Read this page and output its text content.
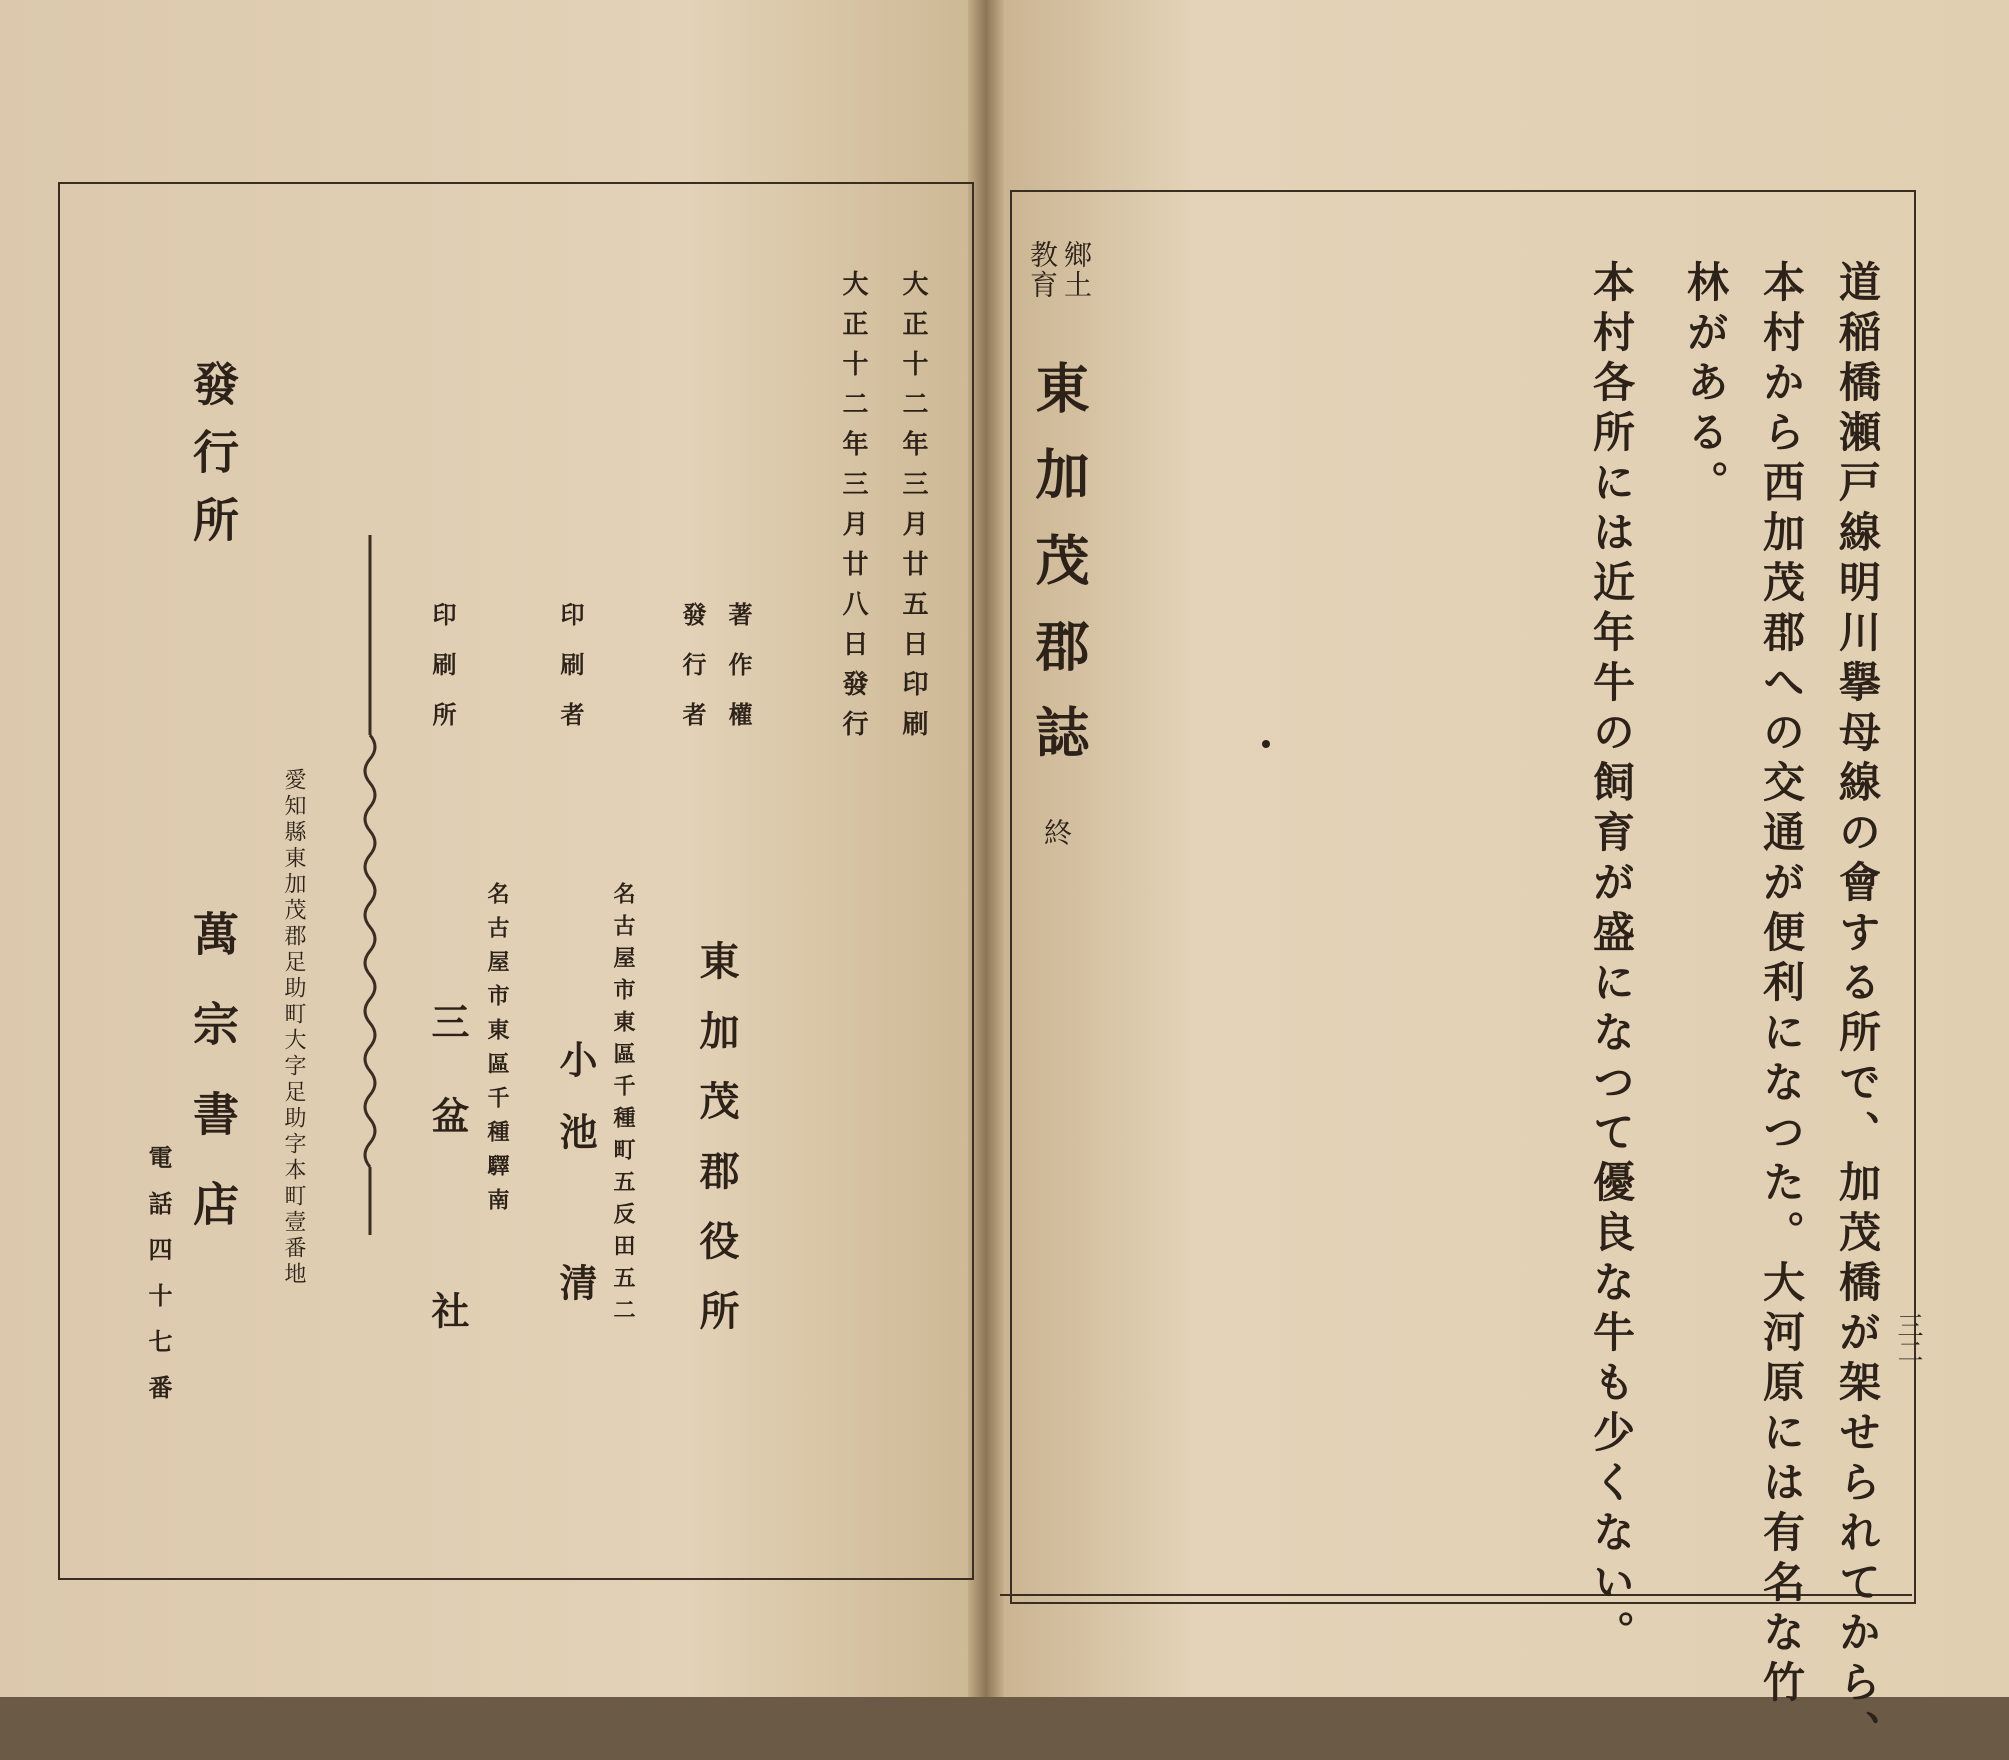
發行所
萬宗書店 愛知縣東加茂郡足助町大字足助字本町壹番地
電話四十七番
大正十二年三月廿五日印刷
大正十二年三月廿八日發行
著作權
發行者
東加茂郡役所
印刷者
名古屋市東區千種町五反田五二
小池 清
印刷所
名古屋市東區千種驛南
三盆 社
鄉土
教育
東加茂郡誌
終	道稲橋瀬戸線明川擧母線の會する所で、加茂橋が架せられてから、
本村から西加茂郡への交通が便利になつた。大河原には有名な竹
林がある。
本村各所には近年牛の飼育が盛になつて優良な牛も少くない。	三二
